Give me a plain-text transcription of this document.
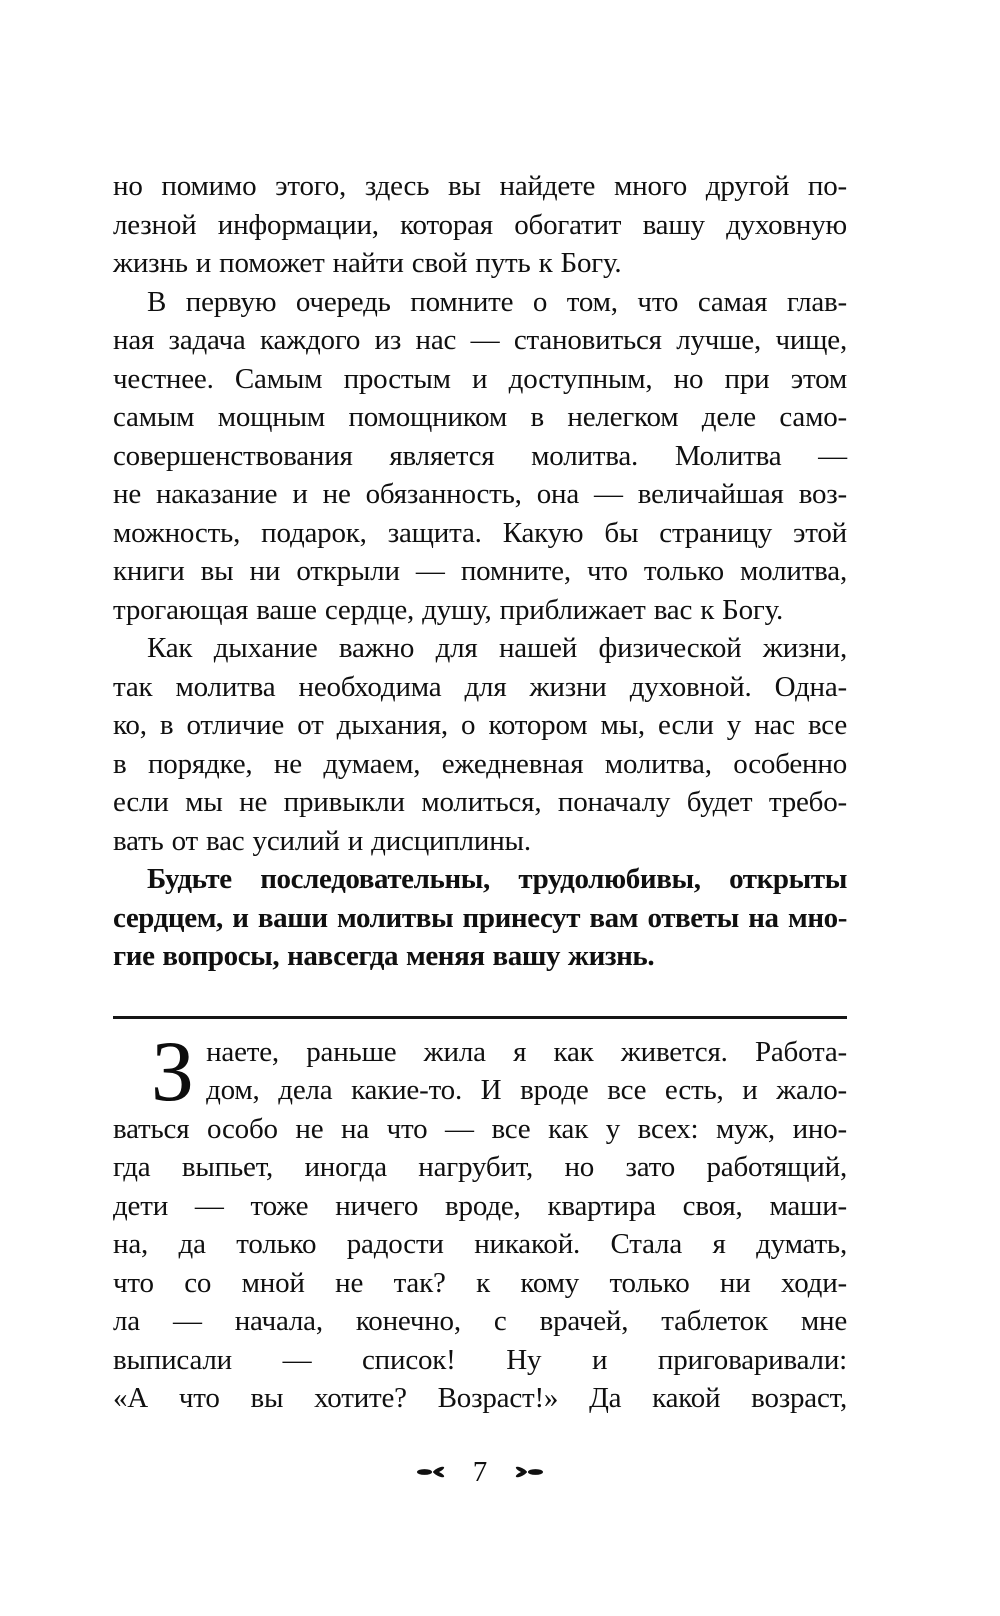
но помимо этого, здесь вы найдете много другой по-
лезной информации, которая обогатит вашу духовную
жизнь и поможет найти свой путь к Богу.
В первую очередь помните о том, что самая глав-
ная задача каждого из нас — становиться лучше, чище,
честнее. Самым простым и доступным, но при этом
самым мощным помощником в нелегком деле само-
совершенствования является молитва. Молитва —
не наказание и не обязанность, она — величайшая воз-
можность, подарок, защита. Какую бы страницу этой
книги вы ни открыли — помните, что только молитва,
трогающая ваше сердце, душу, приближает вас к Богу.
Как дыхание важно для нашей физической жизни,
так молитва необходима для жизни духовной. Одна-
ко, в отличие от дыхания, о котором мы, если у нас все
в порядке, не думаем, ежедневная молитва, особенно
если мы не привыкли молиться, поначалу будет требо-
вать от вас усилий и дисциплины.
Будьте последовательны, трудолюбивы, открыты
сердцем, и ваши молитвы принесут вам ответы на мно-
гие вопросы, навсегда меняя вашу жизнь.
З наете, раньше жила я как живется. Работа-
дом, дела какие-то. И вроде все есть, и жало-
ваться особо не на что — все как у всех: муж, ино-
гда выпьет, иногда нагрубит, но зато работящий,
дети — тоже ничего вроде, квартира своя, маши-
на, да только радости никакой. Стала я думать,
что со мной не так? к кому только ни ходи-
ла — начала, конечно, с врачей, таблеток мне
выписали — список! Ну и приговаривали:
«А что вы хотите? Возраст!» Да какой возраст,
7
